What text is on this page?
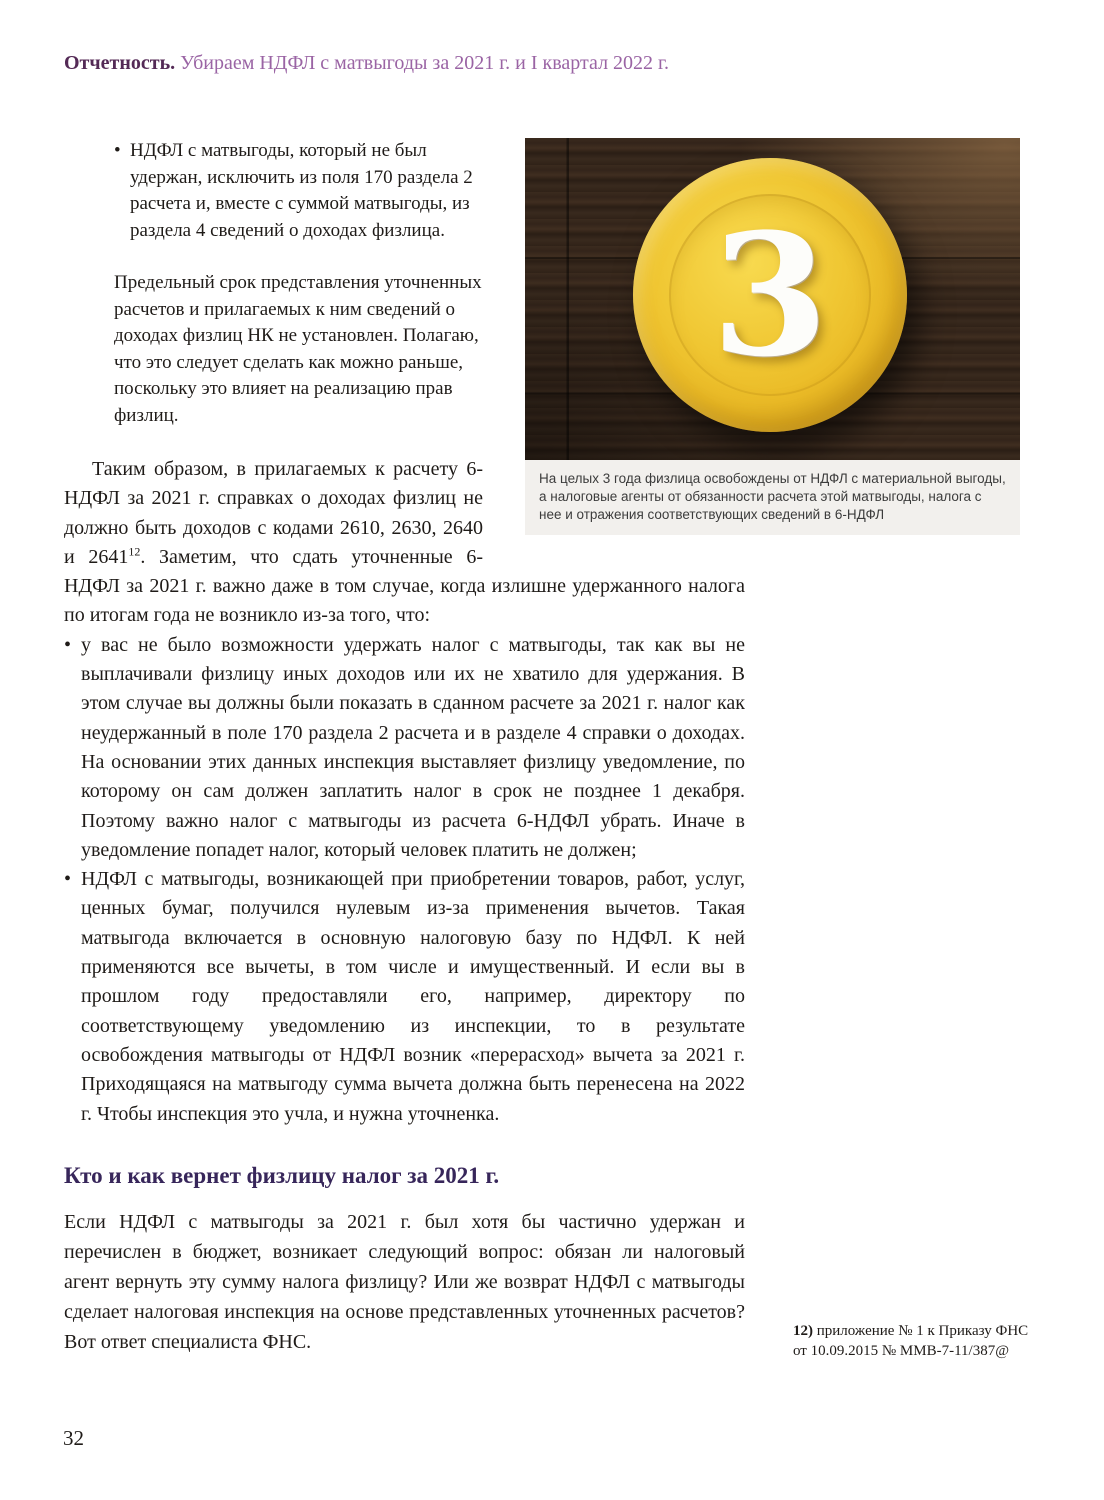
Отчетность. Убираем НДФЛ с матвыгоды за 2021 г. и I квартал 2022 г.
3
На целых 3 года физлица освобождены от НДФЛ с материальной выгоды, а налоговые агенты от обязанности расчета этой матвыгоды, налога с нее и отражения соответствующих сведений в 6-НДФЛ
• НДФЛ с матвыгоды, который не был удержан, исключить из поля 170 раздела 2 расчета и, вместе с суммой матвыгоды, из раздела 4 сведений о доходах физлица.

Предельный срок представления уточненных расчетов и прилагаемых к ним сведений о доходах физлиц НК не установлен. Полагаю, что это следует сделать как можно раньше, поскольку это влияет на реализацию прав физлиц.

Таким образом, в прилагаемых к расчету 6-НДФЛ за 2021 г. справках о доходах физлиц не должно быть доходов с кодами 2610, 2630, 2640 и 2641$^{12}$. Заметим, что сдать уточненные 6-НДФЛ за 2021 г. важно даже в том случае, когда излишне удержанного налога по итогам года не возникло из-за того, что:

• у вас не было возможности удержать налог с матвыгоды, так как вы не выплачивали физлицу иных доходов или их не хватило для удержания. В этом случае вы должны были показать в сданном расчете за 2021 г. налог как неудержанный в поле 170 раздела 2 расчета и в разделе 4 справки о доходах. На основании этих данных инспекция выставляет физлицу уведомление, по которому он сам должен заплатить налог в срок не позднее 1 декабря. Поэтому важно налог с матвыгоды из расчета 6-НДФЛ убрать. Иначе в уведомление попадет налог, который человек платить не должен;
• НДФЛ с матвыгоды, возникающей при приобретении товаров, работ, услуг, ценных бумаг, получился нулевым из-за применения вычетов. Такая матвыгода включается в основную налоговую базу по НДФЛ. К ней применяются все вычеты, в том числе и имущественный. И если вы в прошлом году предоставляли его, например, директору по соответствующему уведомлению из инспекции, то в результате освобождения матвыгоды от НДФЛ возник «перерасход» вычета за 2021 г. Приходящаяся на матвыгоду сумма вычета должна быть перенесена на 2022 г. Чтобы инспекция это учла, и нужна уточненка.
Кто и как вернет физлицу налог за 2021 г.

Если НДФЛ с матвыгоды за 2021 г. был хотя бы частично удержан и перечислен в бюджет, возникает следующий вопрос: обязан ли налоговый агент вернуть эту сумму налога физлицу? Или же возврат НДФЛ с матвыгоды сделает налоговая инспекция на основе представленных уточненных расчетов? Вот ответ специалиста ФНС.	12) приложение № 1 к Приказу ФНС от 10.09.2015 № ММВ-7-11/387@
32
